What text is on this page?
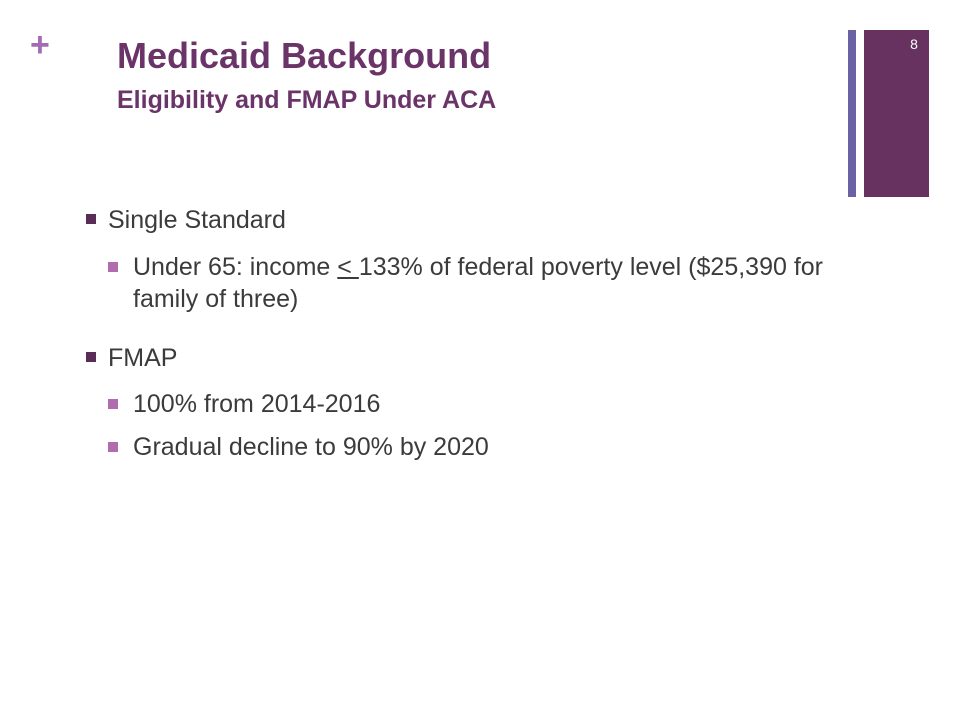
+ Medicaid Background
Eligibility and FMAP Under ACA
8
Single Standard
Under 65: income < 133% of federal poverty level ($25,390 for family of three)
FMAP
100% from 2014-2016
Gradual decline to 90% by 2020
